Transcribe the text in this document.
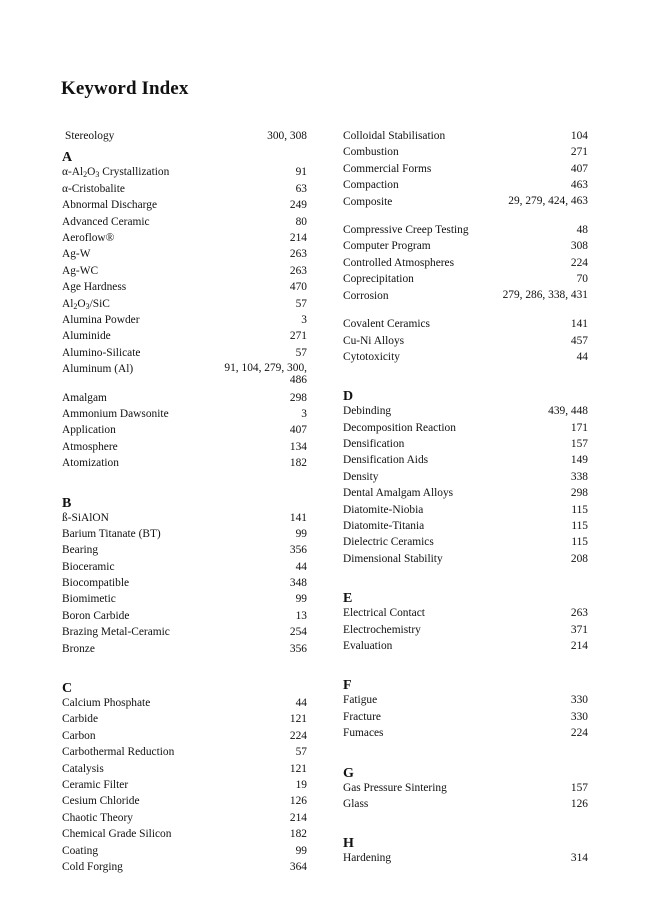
Keyword Index
Stereology	300, 308
A
$\alpha-Al_2O_3$ Crystallization	91
α-Cristobalite	63
Abnormal Discharge	249
Advanced Ceramic	80
Aeroflow®	214
Ag-W	263
Ag-WC	263
Age Hardness	470
$Al_2O_3$/SiC	57
Alumina Powder	3
Aluminide	271
Alumino-Silicate	57
Aluminum (Al)	91, 104, 279, 300, 486
Amalgam	298
Ammonium Dawsonite	3
Application	407
Atmosphere	134
Atomization	182
B
ß-SiAlON	141
Barium Titanate (BT)	99
Bearing	356
Bioceramic	44
Biocompatible	348
Biomimetic	99
Boron Carbide	13
Brazing Metal-Ceramic	254
Bronze	356
C
Calcium Phosphate	44
Carbide	121
Carbon	224
Carbothermal Reduction	57
Catalysis	121
Ceramic Filter	19
Cesium Chloride	126
Chaotic Theory	214
Chemical Grade Silicon	182
Coating	99
Cold Forging	364
Colloidal Stabilisation	104
Combustion	271
Commercial Forms	407
Compaction	463
Composite	29, 279, 424, 463
Compressive Creep Testing	48
Computer Program	308
Controlled Atmospheres	224
Coprecipitation	70
Corrosion	279, 286, 338, 431
Covalent Ceramics	141
Cu-Ni Alloys	457
Cytotoxicity	44
D
Debinding	439, 448
Decomposition Reaction	171
Densification	157
Densification Aids	149
Density	338
Dental Amalgam Alloys	298
Diatomite-Niobia	115
Diatomite-Titania	115
Dielectric Ceramics	115
Dimensional Stability	208
E
Electrical Contact	263
Electrochemistry	371
Evaluation	214
F
Fatigue	330
Fracture	330
Fumaces	224
G
Gas Pressure Sintering	157
Glass	126
H
Hardening	314
